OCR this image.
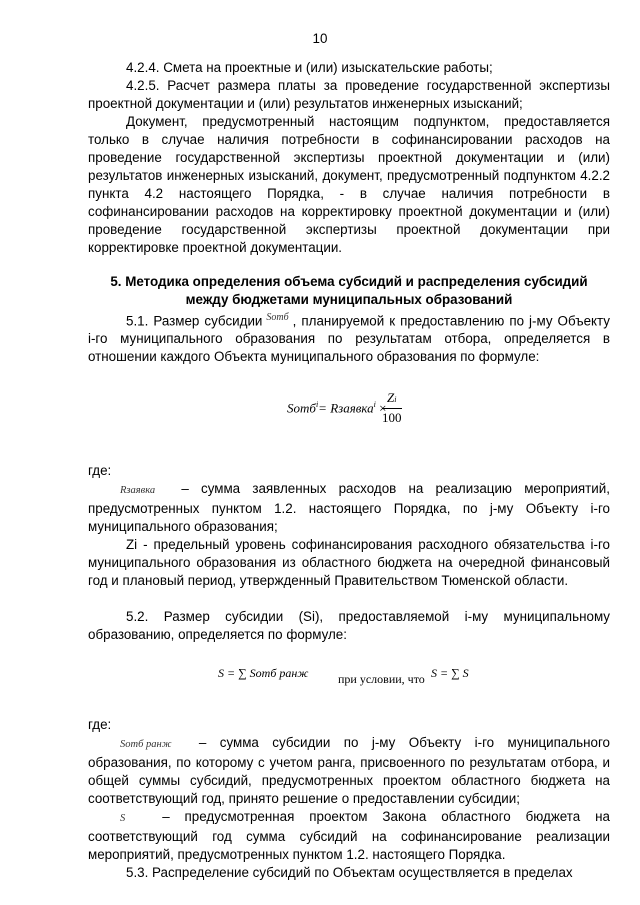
10

4.2.4. Смета на проектные и (или) изыскательские работы;

4.2.5. Расчет размера платы за проведение государственной экспертизы проектной документации и (или) результатов инженерных изысканий;

Документ, предусмотренный настоящим подпунктом, предоставляется только в случае наличия потребности в софинансировании расходов на проведение государственной экспертизы проектной документации и (или) результатов инженерных изысканий, документ, предусмотренный подпунктом 4.2.2 пункта 4.2 настоящего Порядка, - в случае наличия потребности в софинансировании расходов на корректировку проектной документации и (или) проведение государственной экспертизы проектной документации при корректировке проектной документации.

5. Методика определения объема субсидий и распределения субсидий
между бюджетами муниципальных образований

5.1. Размер субсидии $^{Sотб}$ , планируемой к предоставлению по j-му Объекту i-го муниципального образования по результатам отбора, определяется в отношении каждого Объекта муниципального образования по формуле:

Sотб$^i$= Rзаявка$^i$ ×
$\frac{Zi}{100}$

где:

Rзаявка – сумма заявленных расходов на реализацию мероприятий, предусмотренных пунктом 1.2. настоящего Порядка, по j-му Объекту i-го муниципального образования;

Zi - предельный уровень софинансирования расходного обязательства i-го муниципального образования из областного бюджета на очередной финансовый год и плановый период, утвержденный Правительством Тюменской области.

5.2. Размер субсидии (Si), предоставляемой i-му муниципальному образованию, определяется по формуле:

S = ∑ Sотб ранж при условии, что S = ∑ S

где:

Sотб ранж – сумма субсидии по j-му Объекту i-го муниципального образования, по которому с учетом ранга, присвоенного по результатам отбора, и общей суммы субсидий, предусмотренных проектом областного бюджета на соответствующий год, принято решение о предоставлении субсидии;

S	– предусмотренная проектом Закона областного бюджета на соответствующий год сумма субсидий на софинансирование реализации мероприятий, предусмотренных пунктом 1.2. настоящего Порядка.

5.3. Распределение субсидий по Объектам осуществляется в пределах
